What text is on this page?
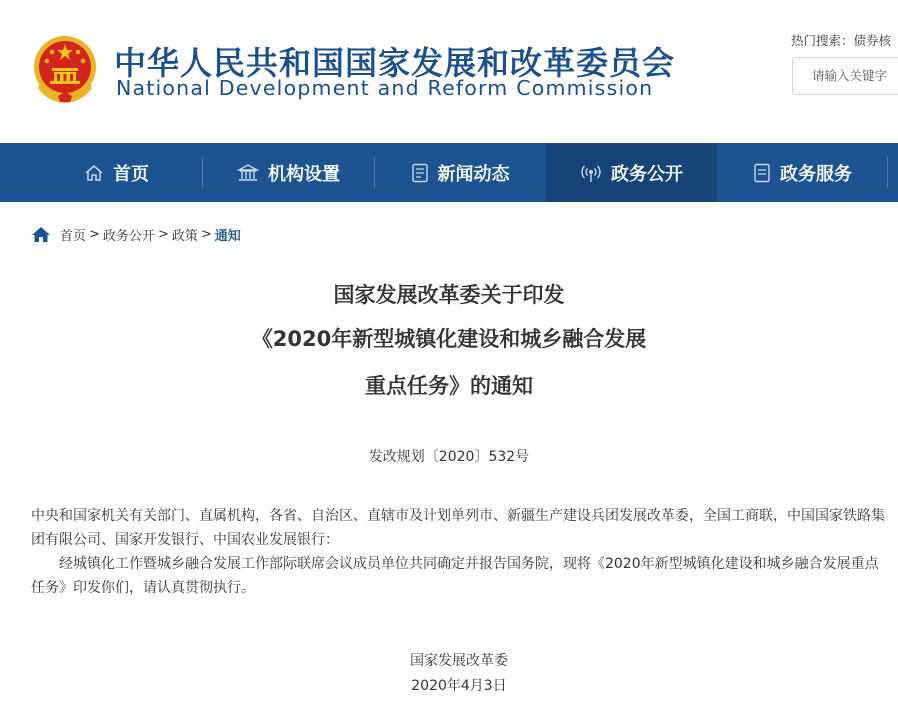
中华人民共和国国家发展和改革委员会
National Development and Reform Commission
热门搜索：债券核
请输入关键字
首页	机构设置	新闻动态	政务公开	政务服务
首页 > 政务公开 > 政策 > 通知
国家发展改革委关于印发
《2020年新型城镇化建设和城乡融合发展
重点任务》的通知
发改规划〔2020〕532号
中央和国家机关有关部门、直属机构，各省、自治区、直辖市及计划单列市、新疆生产建设兵团发展改革委，全国工商联，中国国家铁路集团有限公司、国家开发银行、中国农业发展银行：
经城镇化工作暨城乡融合发展工作部际联席会议成员单位共同确定并报告国务院，现将《2020年新型城镇化建设和城乡融合发展重点任务》印发你们，请认真贯彻执行。
国家发展改革委
2020年4月3日
